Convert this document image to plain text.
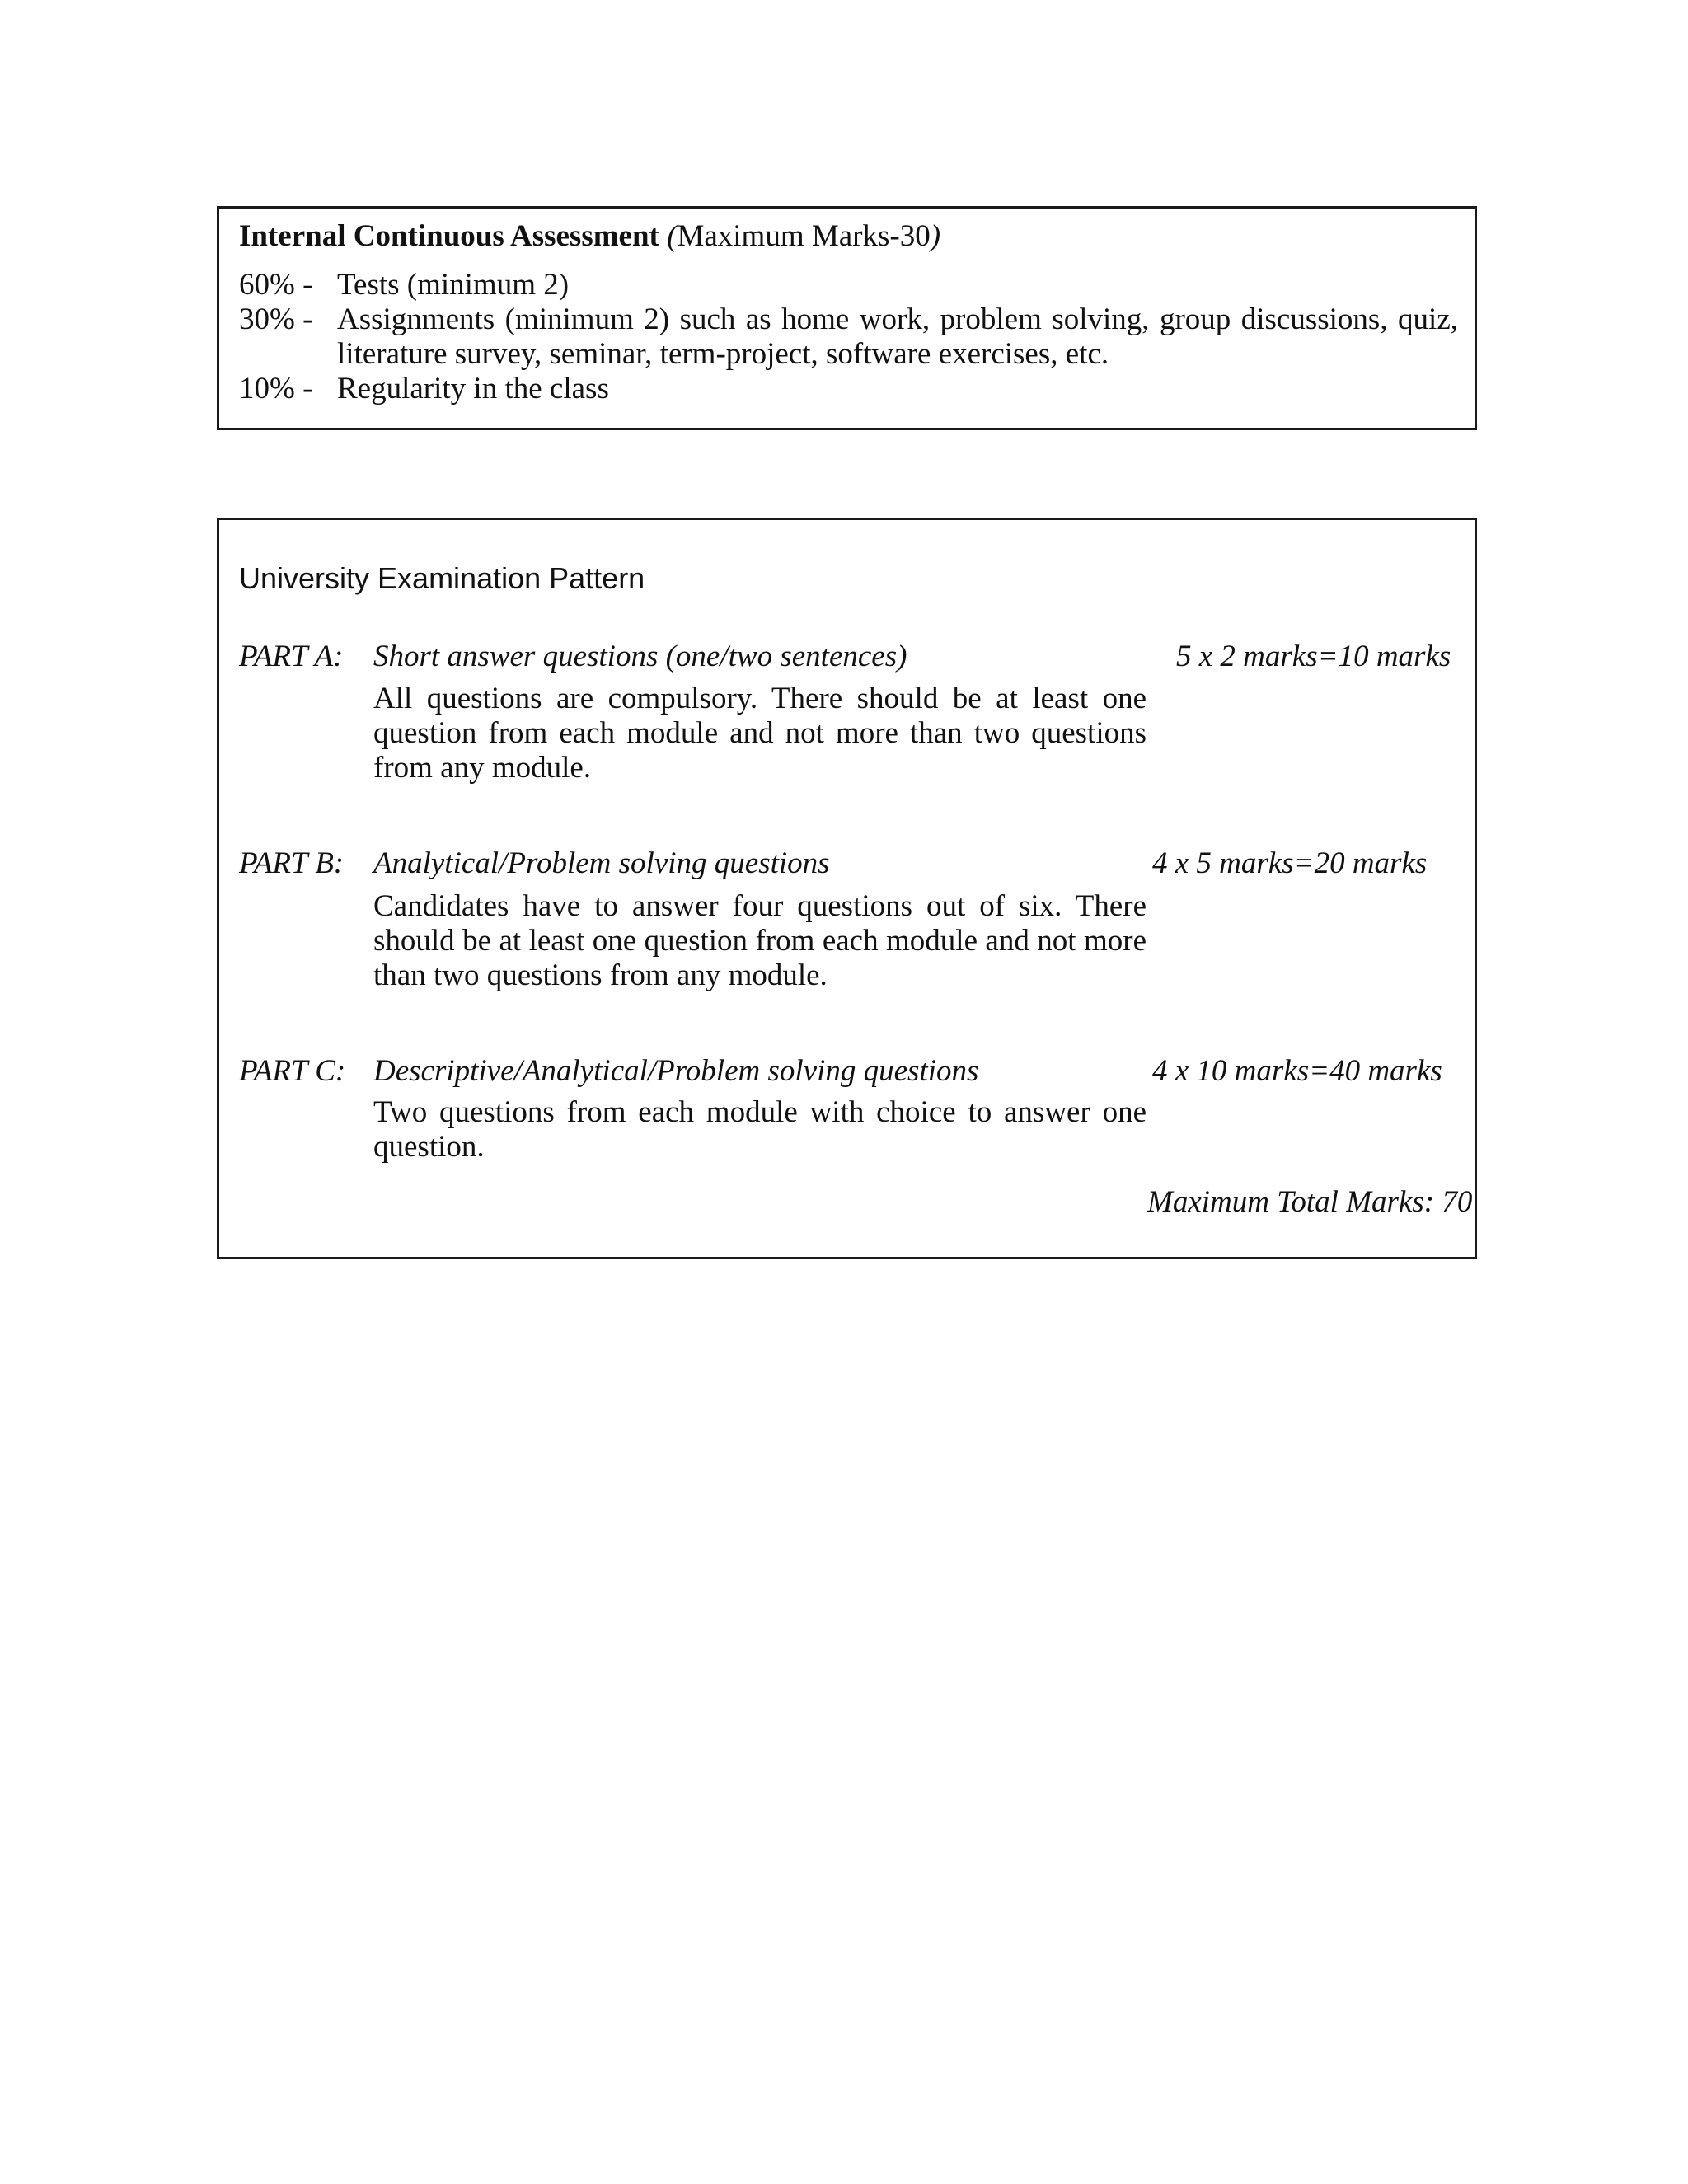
Internal Continuous Assessment (Maximum Marks-30)
60% - Tests (minimum 2)
30% - Assignments (minimum 2) such as home work, problem solving, group discussions, quiz, literature survey, seminar, term-project, software exercises, etc.
10% - Regularity in the class
University Examination Pattern
PART A: Short answer questions (one/two sentences)	5 x 2 marks=10 marks
All questions are compulsory. There should be at least one question from each module and not more than two questions from any module.
PART B: Analytical/Problem solving questions	4 x 5 marks=20 marks
Candidates have to answer four questions out of six. There should be at least one question from each module and not more than two questions from any module.
PART C: Descriptive/Analytical/Problem solving questions	4 x 10 marks=40 marks
Two questions from each module with choice to answer one question.
Maximum Total Marks: 70
